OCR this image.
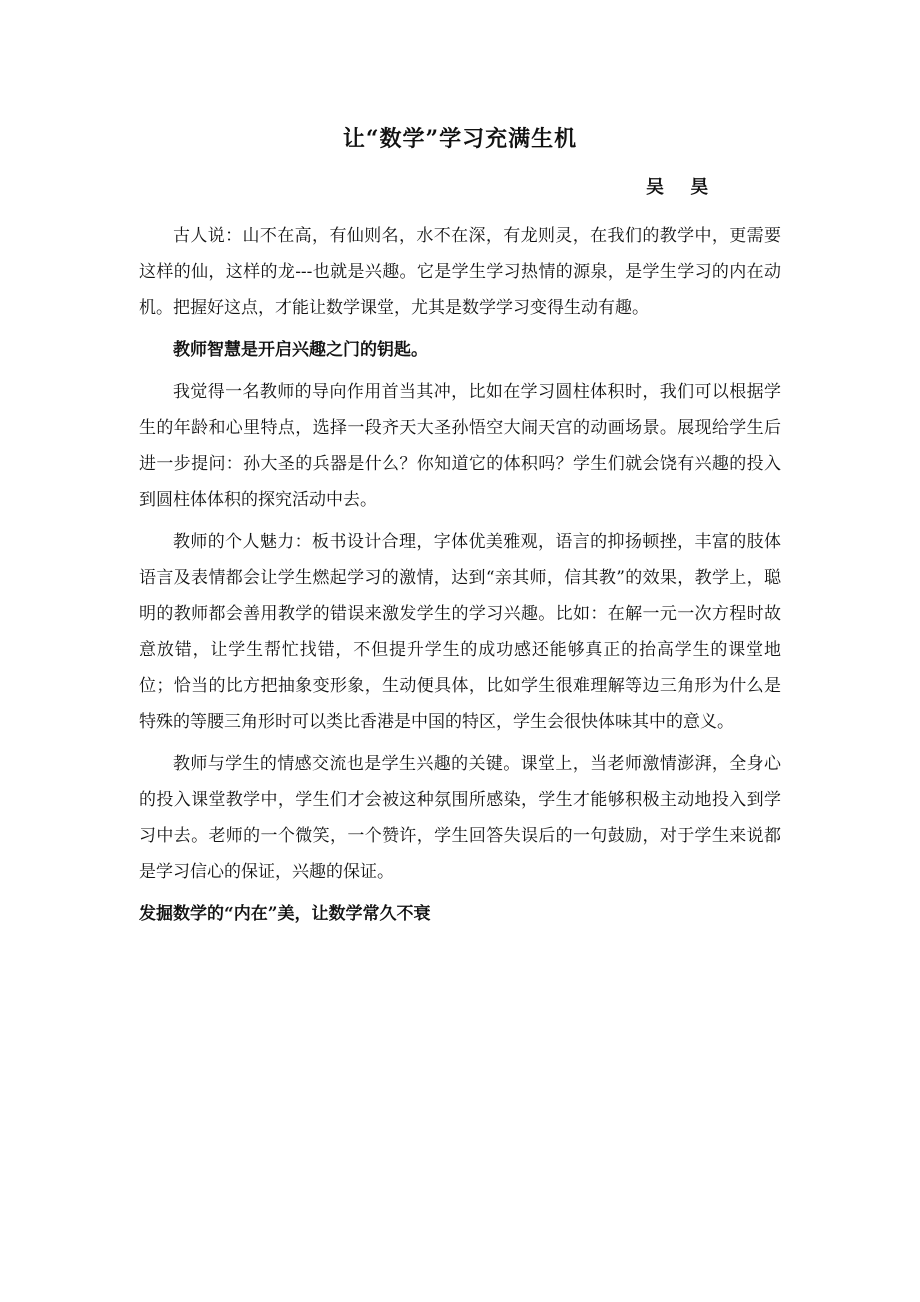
让“数学”学习充满生机
吴 昊

古人说：山不在高，有仙则名，水不在深，有龙则灵，在我们的教学中，更需要这样的仙，这样的龙---也就是兴趣。它是学生学习热情的源泉，是学生学习的内在动机。把握好这点，才能让数学课堂，尤其是数学学习变得生动有趣。

教师智慧是开启兴趣之门的钥匙。

我觉得一名教师的导向作用首当其冲，比如在学习圆柱体积时，我们可以根据学生的年龄和心里特点，选择一段齐天大圣孙悟空大闹天宫的动画场景。展现给学生后进一步提问：孙大圣的兵器是什么？你知道它的体积吗？学生们就会饶有兴趣的投入到圆柱体体积的探究活动中去。

教师的个人魅力：板书设计合理，字体优美雅观，语言的抑扬顿挫，丰富的肢体语言及表情都会让学生燃起学习的激情，达到“亲其师，信其教”的效果，教学上，聪明的教师都会善用教学的错误来激发学生的学习兴趣。比如：在解一元一次方程时故意放错，让学生帮忙找错，不但提升学生的成功感还能够真正的抬高学生的课堂地位；恰当的比方把抽象变形象，生动便具体，比如学生很难理解等边三角形为什么是特殊的等腰三角形时可以类比香港是中国的特区，学生会很快体味其中的意义。

教师与学生的情感交流也是学生兴趣的关键。课堂上，当老师激情澎湃，全身心的投入课堂教学中，学生们才会被这种氛围所感染，学生才能够积极主动地投入到学习中去。老师的一个微笑，一个赞许，学生回答失误后的一句鼓励，对于学生来说都是学习信心的保证，兴趣的保证。

发掘数学的“内在”美，让数学常久不衰
